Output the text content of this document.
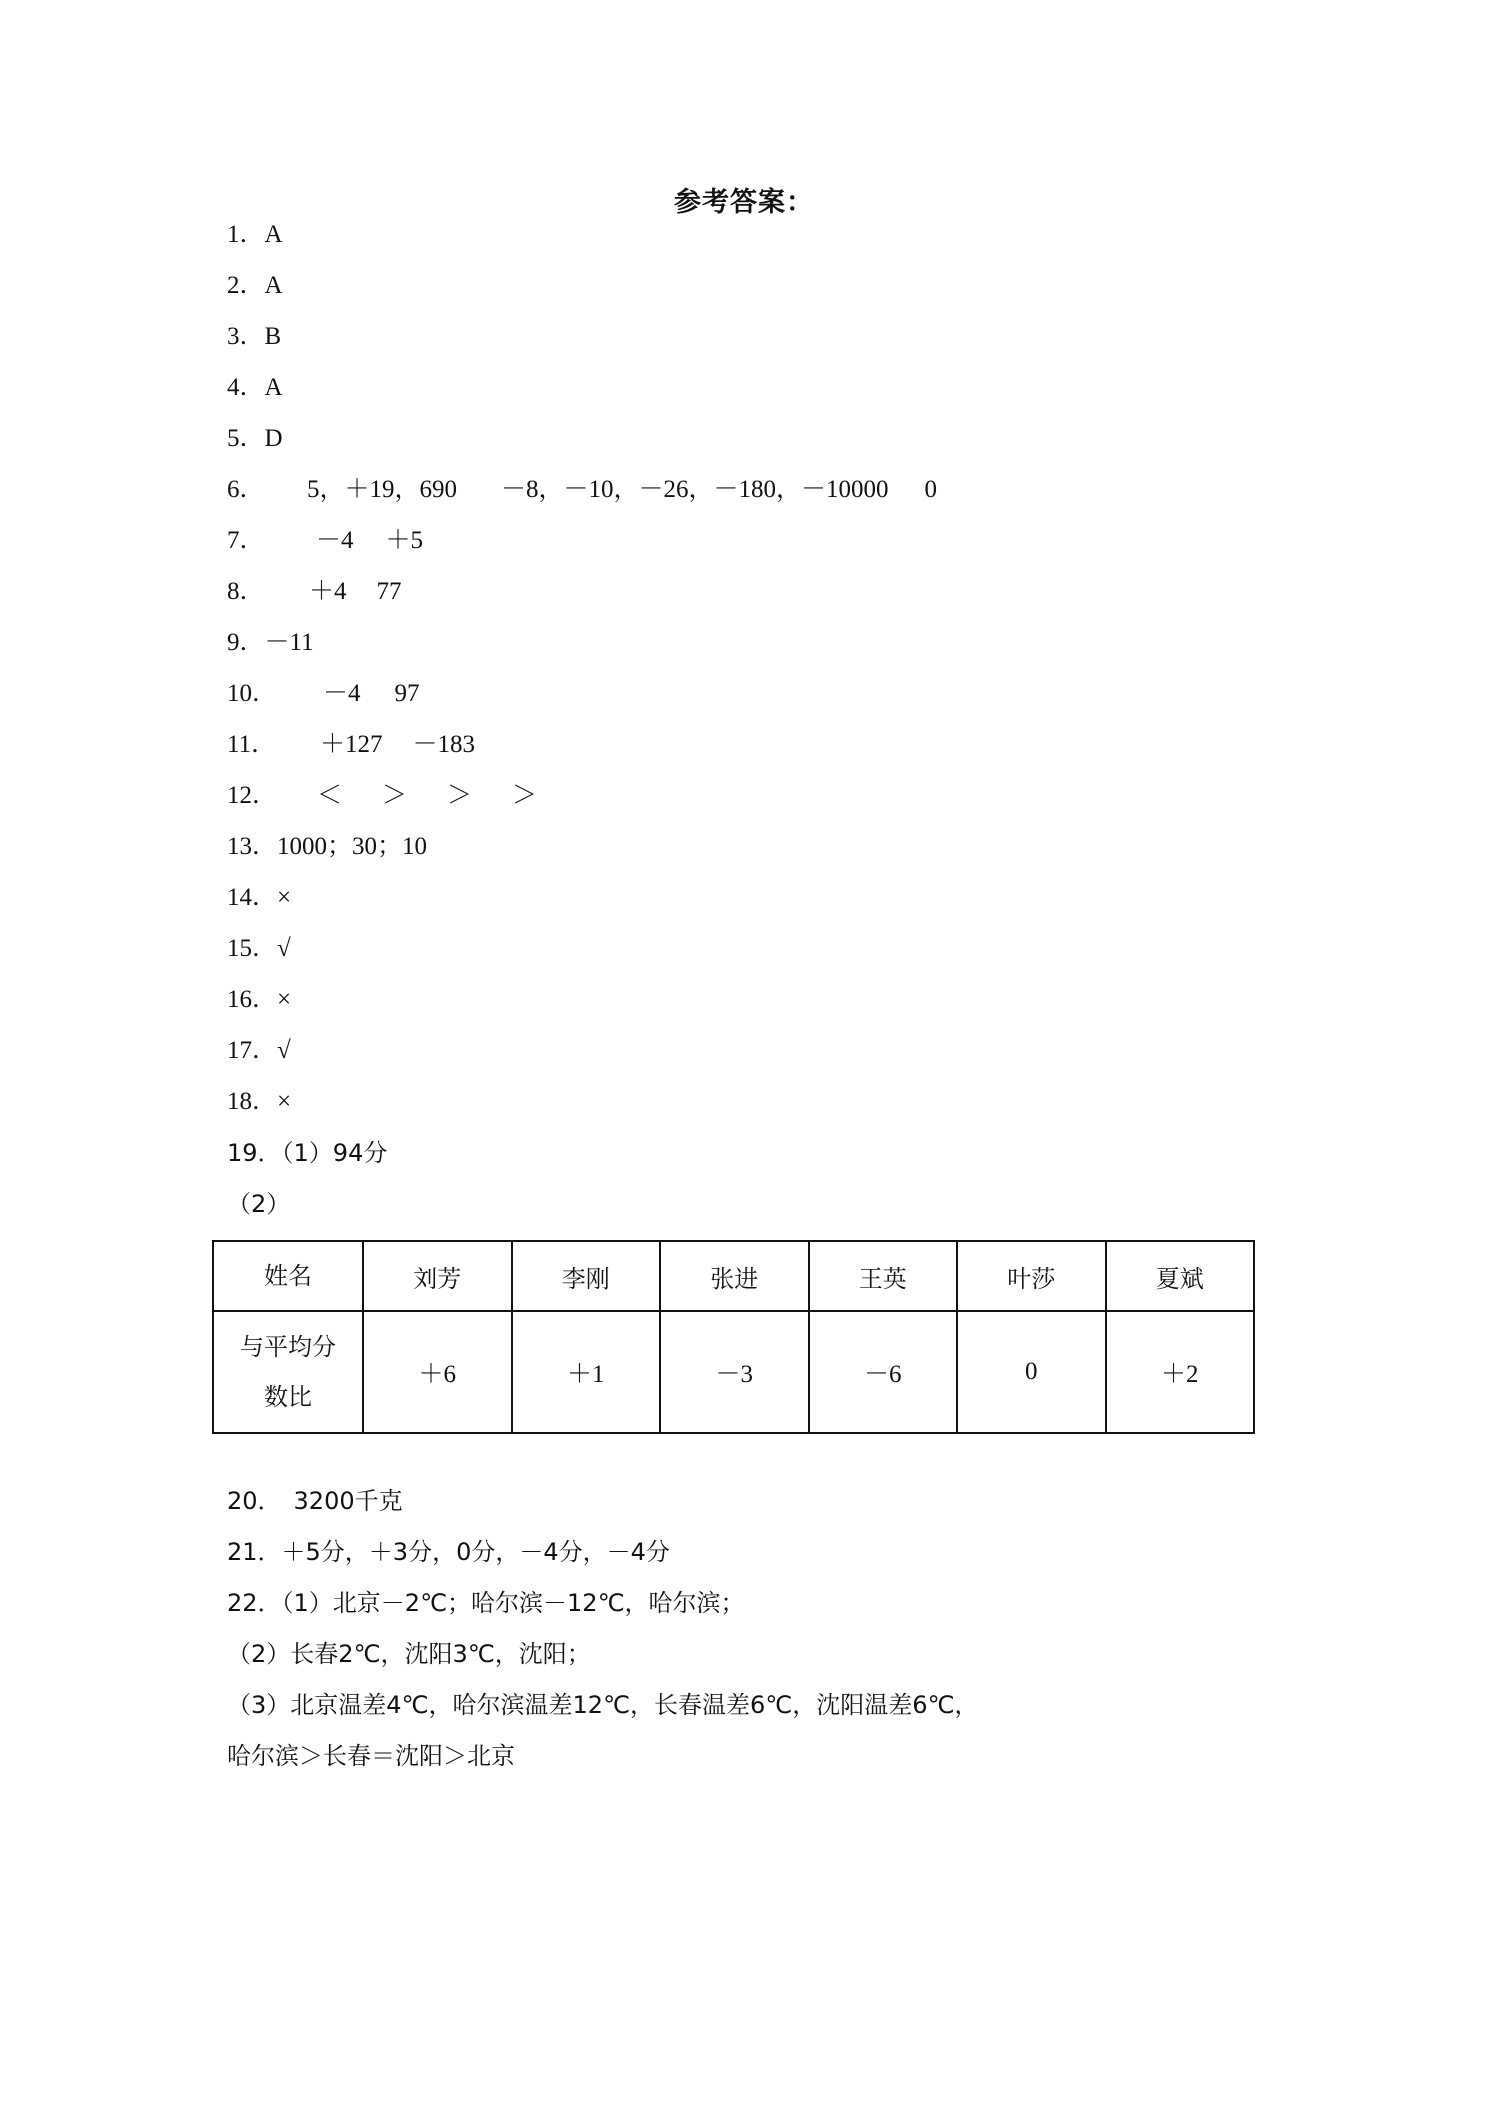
参考答案：
1．A
2．A
3．B
4．A
5．D
6． 5，＋19，690 －8，－10，－26，－180，－10000 0
7． －4 ＋5
8． ＋4 77
9．－11
10． －4 97
11． ＋127 －183
12． ＜ ＞ ＞ ＞
13．1000；30；10
14．×
15．√
16．×
17．√
18．×
19．（1）94分
（2）
姓名	刘芳	李刚	张进	王英	叶莎	夏斌

与平均分
数比	＋6	＋1	－3	－6	0	＋2
20．　3200千克
21．＋5分，＋3分，0分，－4分，－4分
22．（1）北京－2℃；哈尔滨－12℃，哈尔滨；
（2）长春2℃，沈阳3℃，沈阳；
（3）北京温差4℃，哈尔滨温差12℃，长春温差6℃，沈阳温差6℃，
哈尔滨＞长春＝沈阳＞北京
